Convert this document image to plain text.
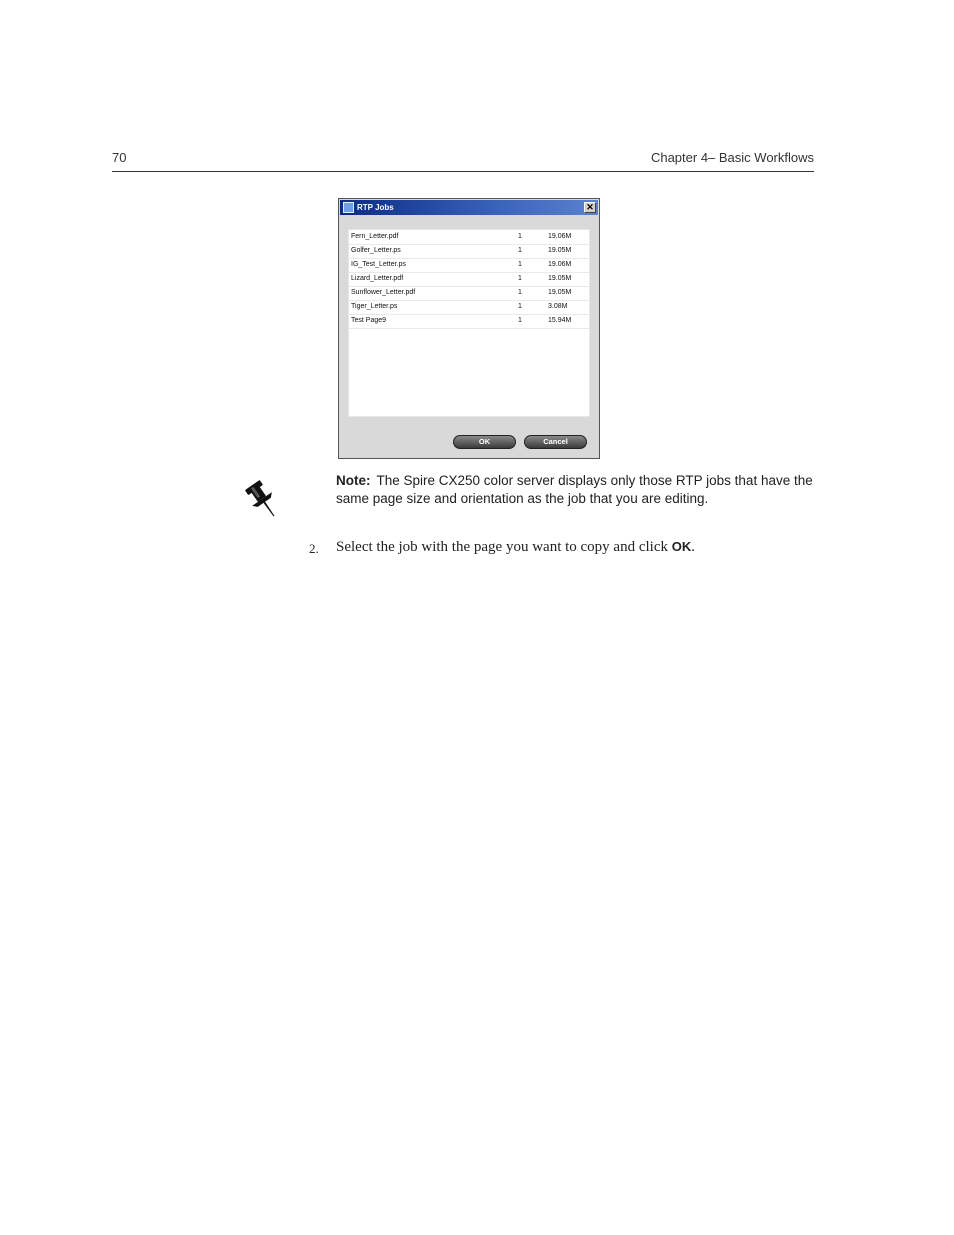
70	Chapter 4– Basic Workflows
RTP Jobs	✕
Fern_Letter.pdf	1	19.06M
Golfer_Letter.ps	1	19.05M
IG_Test_Letter.ps	1	19.06M
Lizard_Letter.pdf	1	19.05M
Sunflower_Letter.pdf	1	19.05M
Tiger_Letter.ps	1	3.08M
Test Page9	1	15.94M
OK	Cancel
Note: The Spire CX250 color server displays only those RTP jobs that have the same page size and orientation as the job that you are editing.
2. Select the job with the page you want to copy and click OK.
